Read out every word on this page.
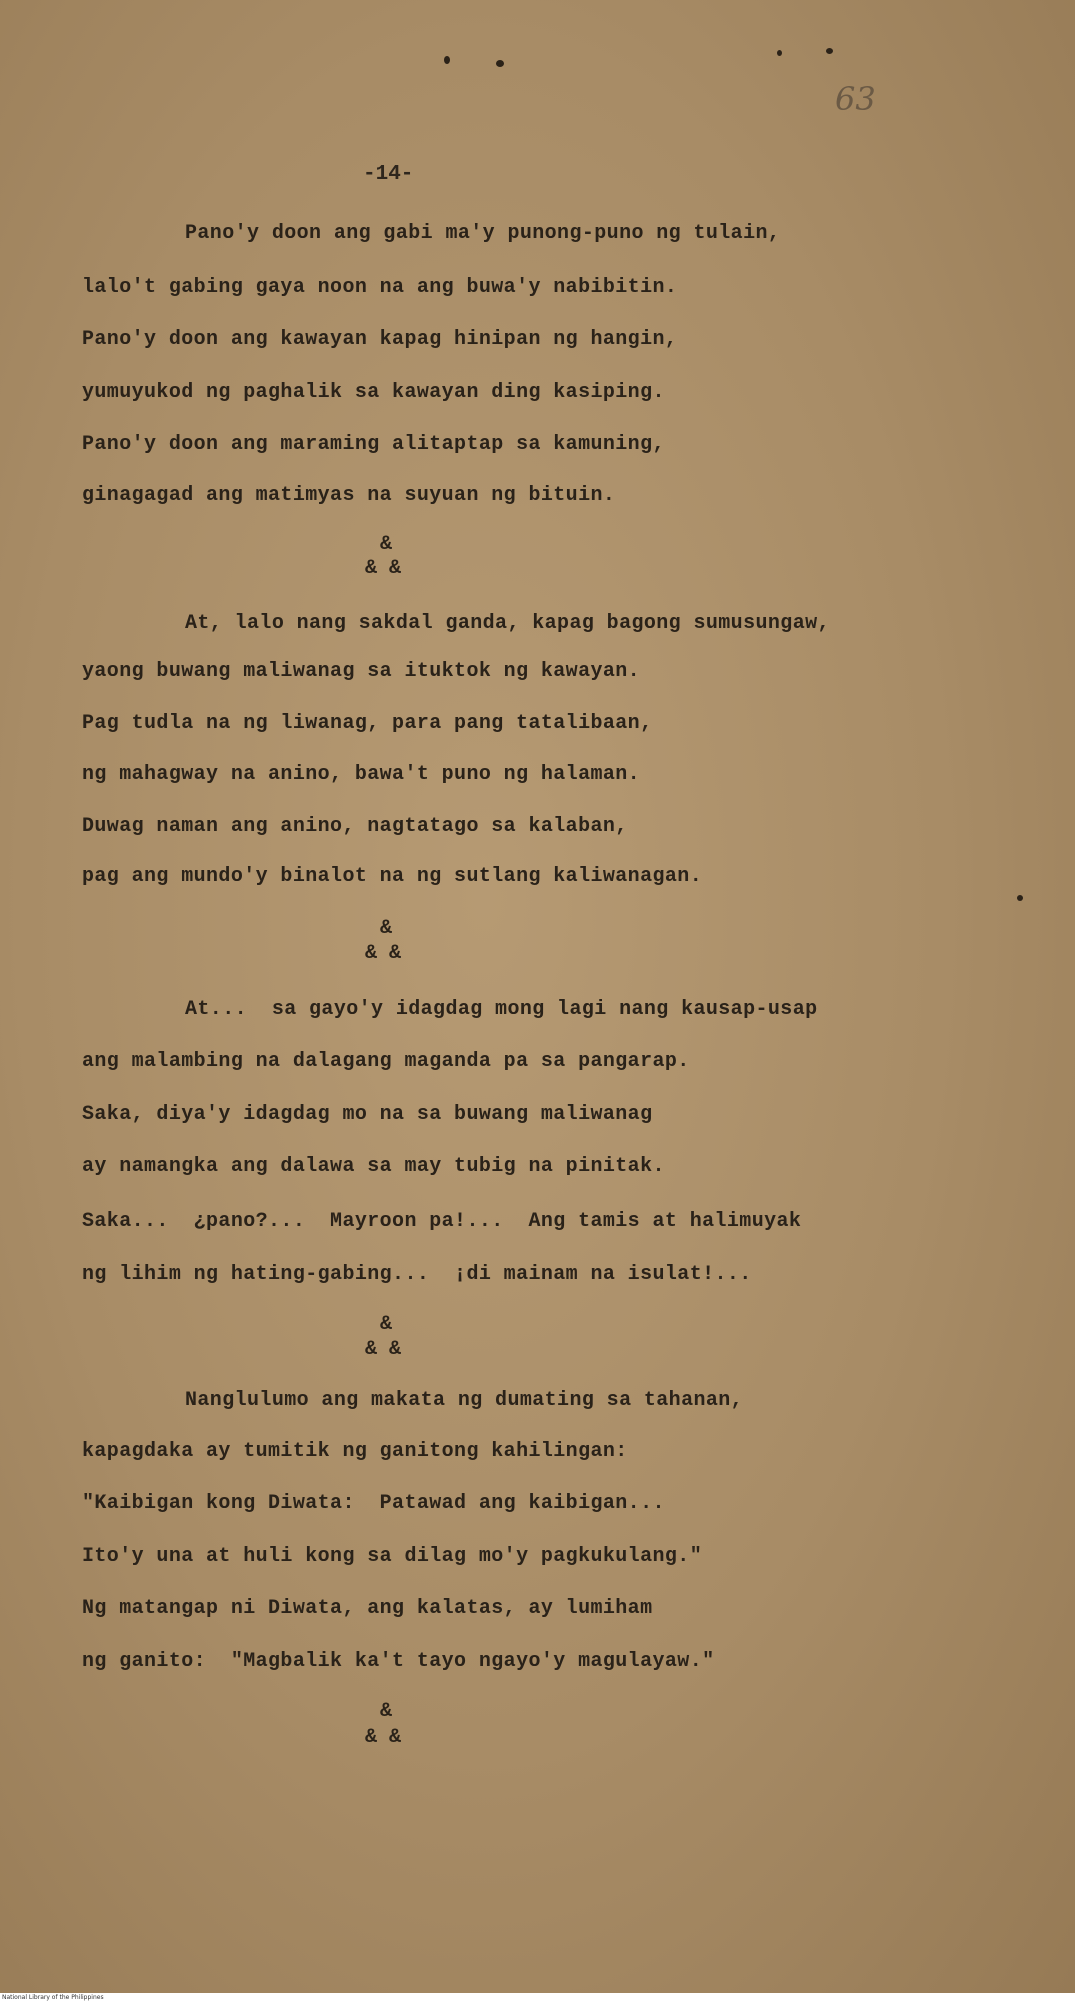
63
-14-
Pano'y doon ang gabi ma'y punong-puno ng tulain,
lalo't gabing gaya noon na ang buwa'y nabibitin.
Pano'y doon ang kawayan kapag hinipan ng hangin,
yumuyukod ng paghalik sa kawayan ding kasiping.
Pano'y doon ang maraming alitaptap sa kamuning,
ginagagad ang matimyas na suyuan ng bituin.
&
& &
At, lalo nang sakdal ganda, kapag bagong sumusungaw,
yaong buwang maliwanag sa ituktok ng kawayan.
Pag tudla na ng liwanag, para pang tatalibaan,
ng mahagway na anino, bawa't puno ng halaman.
Duwag naman ang anino, nagtatago sa kalaban,
pag ang mundo'y binalot na ng sutlang kaliwanagan.
&
& &
At...  sa gayo'y idagdag mong lagi nang kausap-usap
ang malambing na dalagang maganda pa sa pangarap.
Saka, diya'y idagdag mo na sa buwang maliwanag
ay namangka ang dalawa sa may tubig na pinitak.
Saka...  ¿pano?...  Mayroon pa!...  Ang tamis at halimuyak
ng lihim ng hating-gabing...  ¡di mainam na isulat!...
&
& &
Nanglulumo ang makata ng dumating sa tahanan,
kapagdaka ay tumitik ng ganitong kahilingan:
"Kaibigan kong Diwata:  Patawad ang kaibigan...
Ito'y una at huli kong sa dilag mo'y pagkukulang."
Ng matangap ni Diwata, ang kalatas, ay lumiham
ng ganito:  "Magbalik ka't tayo ngayo'y magulayaw."
&
& &
National Library of the Philippines
